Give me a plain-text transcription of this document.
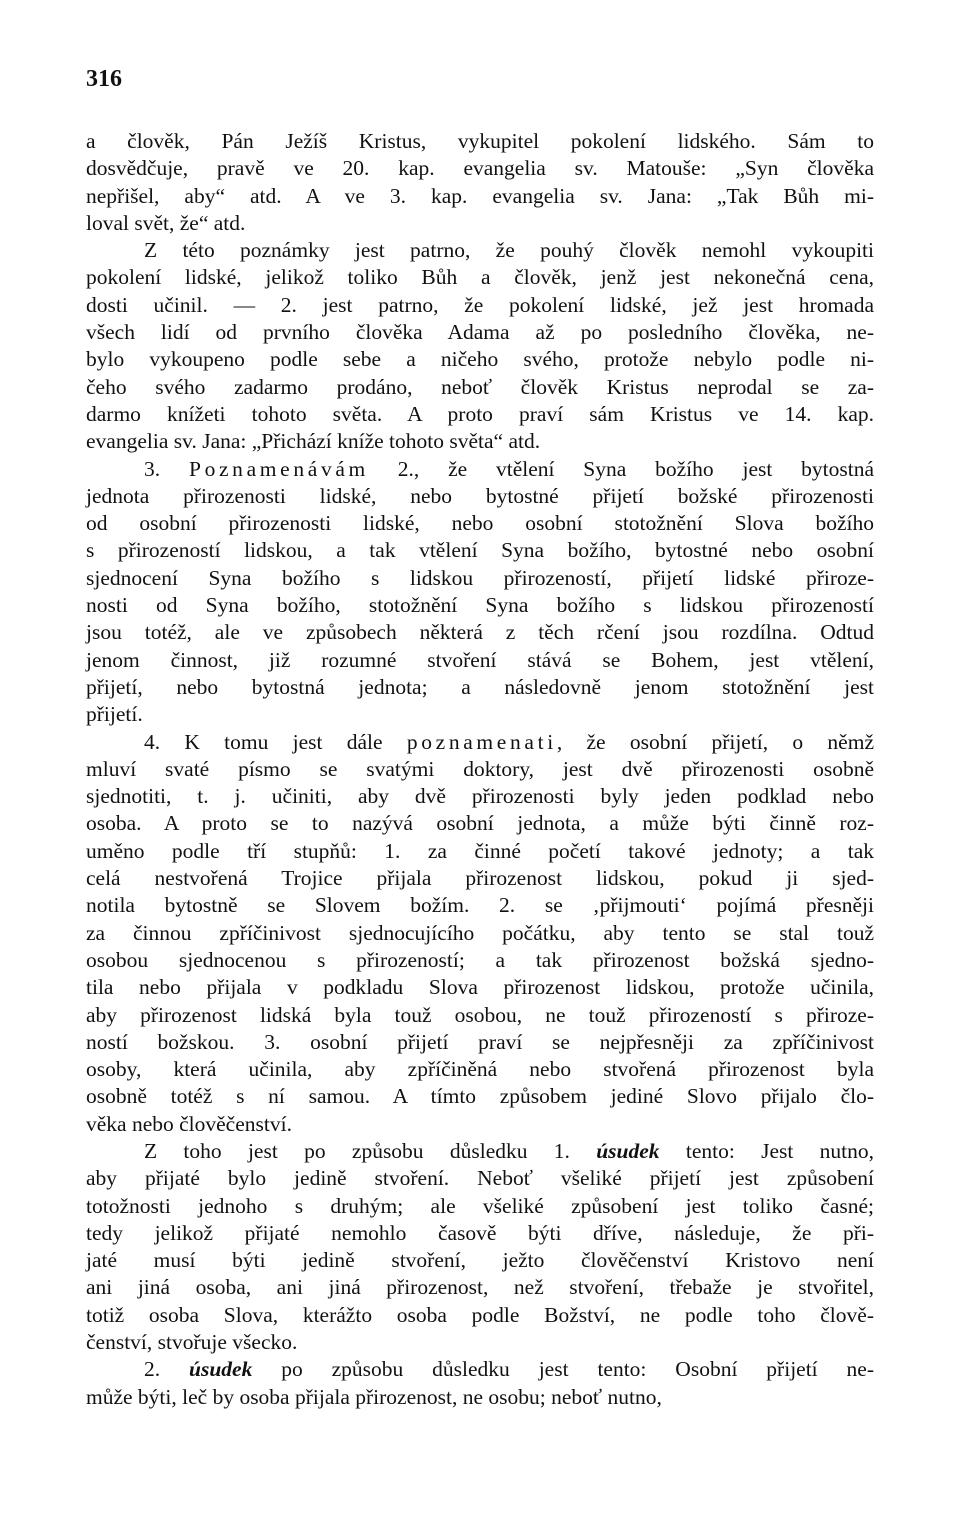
316
a člověk, Pán Ježíš Kristus, vykupitel pokolení lidského. Sám to
dosvědčuje, pravě ve 20. kap. evangelia sv. Matouše: „Syn člověka
nepřišel, aby“ atd. A ve 3. kap. evangelia sv. Jana: „Tak Bůh mi-
loval svět, že“ atd.
Z této poznámky jest patrno, že pouhý člověk nemohl vykoupiti
pokolení lidské, jelikož toliko Bůh a člověk, jenž jest nekonečná cena,
dosti učinil. — 2. jest patrno, že pokolení lidské, jež jest hromada
všech lidí od prvního člověka Adama až po posledního člověka, ne-
bylo vykoupeno podle sebe a ničeho svého, protože nebylo podle ni-
čeho svého zadarmo prodáno, neboť člověk Kristus neprodal se za-
darmo knížeti tohoto světa. A proto praví sám Kristus ve 14. kap.
evangelia sv. Jana: „Přichází kníže tohoto světa“ atd.
3. Poznamenávám 2., že vtělení Syna božího jest bytostná
jednota přirozenosti lidské, nebo bytostné přijetí božské přirozenosti
od osobní přirozenosti lidské, nebo osobní stotožnění Slova božího
s přirozeností lidskou, a tak vtělení Syna božího, bytostné nebo osobní
sjednocení Syna božího s lidskou přirozeností, přijetí lidské přiroze-
nosti od Syna božího, stotožnění Syna božího s lidskou přirozeností
jsou totéž, ale ve způsobech některá z těch rčení jsou rozdílna. Odtud
jenom činnost, již rozumné stvoření stává se Bohem, jest vtělení,
přijetí, nebo bytostná jednota; a následovně jenom stotožnění jest
přijetí.
4. K tomu jest dále poznamenati, že osobní přijetí, o němž
mluví svaté písmo se svatými doktory, jest dvě přirozenosti osobně
sjednotiti, t. j. učiniti, aby dvě přirozenosti byly jeden podklad nebo
osoba. A proto se to nazývá osobní jednota, a může býti činně roz-
uměno podle tří stupňů: 1. za činné početí takové jednoty; a tak
celá nestvořená Trojice přijala přirozenost lidskou, pokud ji sjed-
notila bytostně se Slovem božím. 2. se ‚přijmouti‘ pojímá přesněji
za činnou zpříčinivost sjednocujícího počátku, aby tento se stal touž
osobou sjednocenou s přirozeností; a tak přirozenost božská sjedno-
tila nebo přijala v podkladu Slova přirozenost lidskou, protože učinila,
aby přirozenost lidská byla touž osobou, ne touž přirozeností s přiroze-
ností božskou. 3. osobní přijetí praví se nejpřesněji za zpříčinivost
osoby, která učinila, aby zpříčiněná nebo stvořená přirozenost byla
osobně totéž s ní samou. A tímto způsobem jediné Slovo přijalo člo-
věka nebo člověčenství.
Z toho jest po způsobu důsledku 1. úsudek tento: Jest nutno,
aby přijaté bylo jedině stvoření. Neboť všeliké přijetí jest způsobení
totožnosti jednoho s druhým; ale všeliké způsobení jest toliko časné;
tedy jelikož přijaté nemohlo časově býti dříve, následuje, že při-
jaté musí býti jedině stvoření, ježto člověčenství Kristovo není
ani jiná osoba, ani jiná přirozenost, než stvoření, třebaže je stvořitel,
totiž osoba Slova, kterážto osoba podle Božství, ne podle toho člově-
čenství, stvořuje všecko.
2. úsudek po způsobu důsledku jest tento: Osobní přijetí ne-
může býti, leč by osoba přijala přirozenost, ne osobu; neboť nutno,
